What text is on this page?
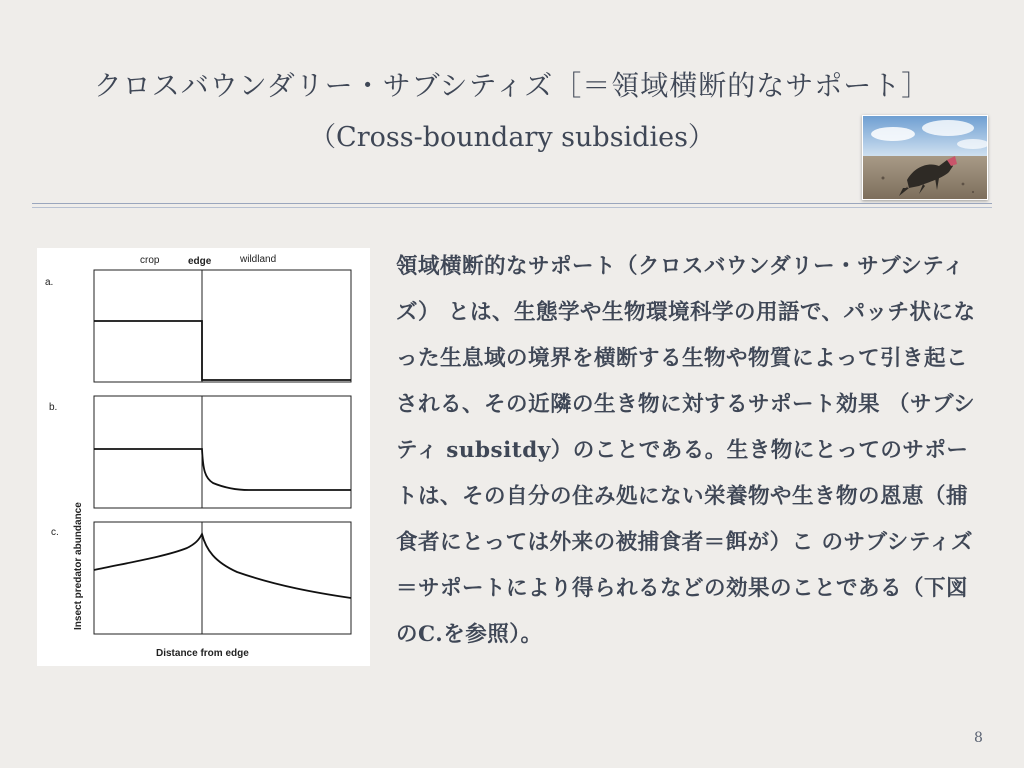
クロスバウンダリー・サブシティズ［＝領域横断的なサポート］
（Cross-boundary subsidies）
crop	edge	wildland
a.
b.
c. Insect predator abundance
Distance from edge

領域横断的なサポート（クロスバウンダリー・サブシティズ） とは、生態学や生物環境科学の用語で、パッチ状になった生息域の境界を横断する生物や物質によって引き起こされる、その近隣の生き物に対するサポート効果 （サブシティ subsitdy）のことである。生き物にとってのサポートは、その自分の住み処にない栄養物や生き物の恩恵（捕食者にとっては外来の被捕食者＝餌が）こ のサブシティズ＝サポートにより得られるなどの効果のことである（下図のC.を参照）。

8
